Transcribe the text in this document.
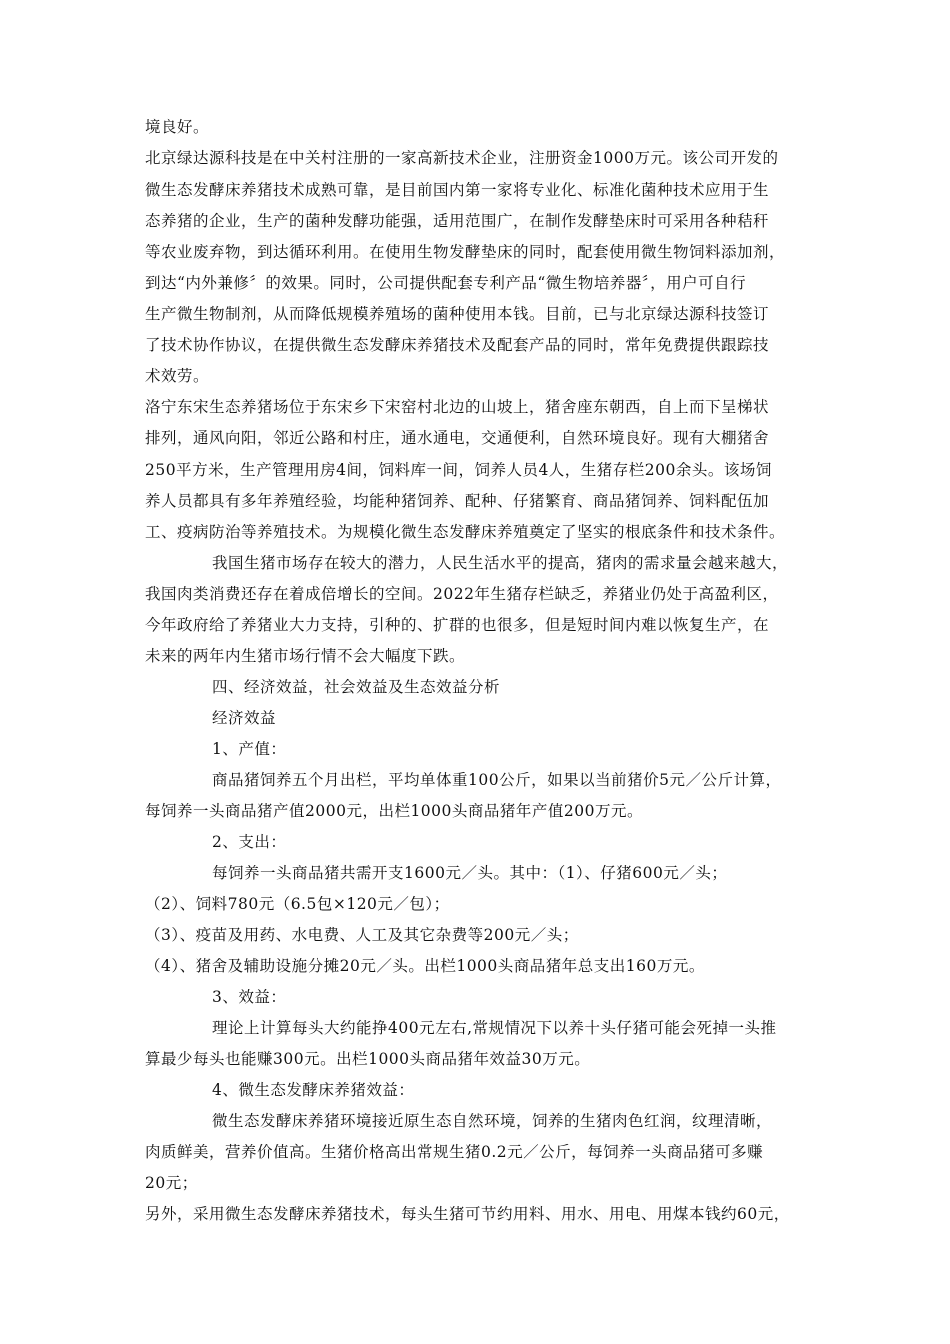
境良好。
北京绿达源科技是在中关村注册的一家高新技术企业，注册资金1000万元。该公司开发的
微生态发酵床养猪技术成熟可靠，是目前国内第一家将专业化、标准化菌种技术应用于生
态养猪的企业，生产的菌种发酵功能强，适用范围广，在制作发酵垫床时可采用各种秸秆
等农业废弃物，到达循环利用。在使用生物发酵垫床的同时，配套使用微生物饲料添加剂，
到达“内外兼修〞的效果。同时，公司提供配套专利产品“微生物培养器〞，用户可自行
生产微生物制剂，从而降低规模养殖场的菌种使用本钱。目前，已与北京绿达源科技签订
了技术协作协议，在提供微生态发酵床养猪技术及配套产品的同时，常年免费提供跟踪技
术效劳。
洛宁东宋生态养猪场位于东宋乡下宋窑村北边的山坡上，猪舍座东朝西，自上而下呈梯状
排列，通风向阳，邻近公路和村庄，通水通电，交通便利，自然环境良好。现有大棚猪舍
250平方米，生产管理用房4间，饲料库一间，饲养人员4人，生猪存栏200余头。该场饲
养人员都具有多年养殖经验，均能种猪饲养、配种、仔猪繁育、商品猪饲养、饲料配伍加
工、疫病防治等养殖技术。为规模化微生态发酵床养殖奠定了坚实的根底条件和技术条件。
我国生猪市场存在较大的潜力，人民生活水平的提高，猪肉的需求量会越来越大，
我国肉类消费还存在着成倍增长的空间。2022年生猪存栏缺乏，养猪业仍处于高盈利区，
今年政府给了养猪业大力支持，引种的、扩群的也很多，但是短时间内难以恢复生产，在
未来的两年内生猪市场行情不会大幅度下跌。
四、经济效益，社会效益及生态效益分析
经济效益
1、产值：
商品猪饲养五个月出栏，平均单体重100公斤，如果以当前猪价5元／公斤计算，
每饲养一头商品猪产值2000元，出栏1000头商品猪年产值200万元。
2、支出：
每饲养一头商品猪共需开支1600元／头。其中：（1）、仔猪600元／头；
（2）、饲料780元（6.5包×120元／包）；
（3）、疫苗及用药、水电费、人工及其它杂费等200元／头；
（4）、猪舍及辅助设施分摊20元／头。出栏1000头商品猪年总支出160万元。
3、效益：
理论上计算每头大约能挣400元左右,常规情况下以养十头仔猪可能会死掉一头推
算最少每头也能赚300元。出栏1000头商品猪年效益30万元。
4、微生态发酵床养猪效益：
微生态发酵床养猪环境接近原生态自然环境，饲养的生猪肉色红润，纹理清晰，
肉质鲜美，营养价值高。生猪价格高出常规生猪0.2元／公斤，每饲养一头商品猪可多赚
20元；
另外，采用微生态发酵床养猪技术，每头生猪可节约用料、用水、用电、用煤本钱约60元，
